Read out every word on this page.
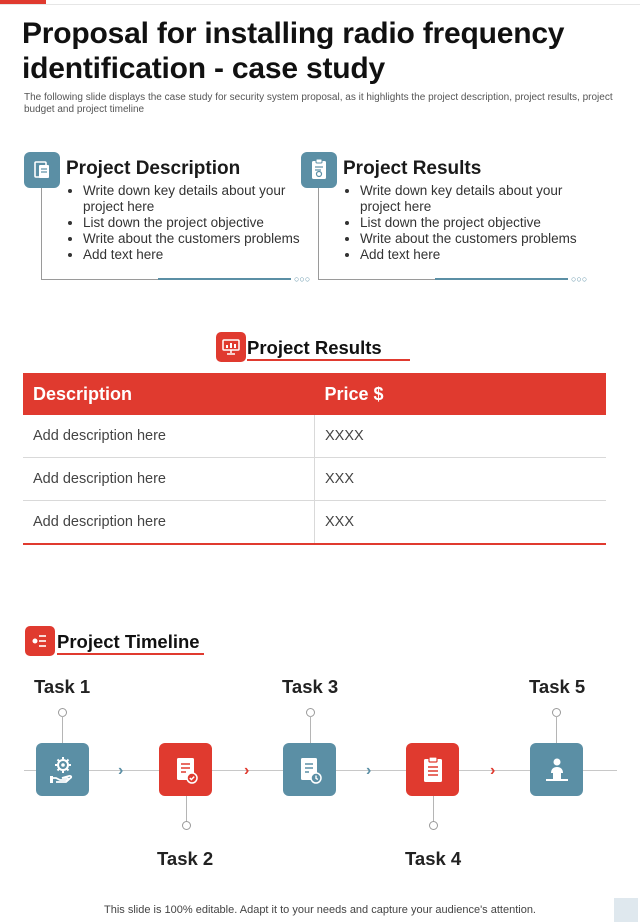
Proposal for installing radio frequency identification - case study
The following slide displays the case study for security system proposal, as it highlights the project description, project results, project budget and project timeline
Project Description
○○○
• Write down key details about your project here
• List down the project objective
• Write about the customers problems
• Add text here
Project Results
○○○
• Write down key details about your project here
• List down the project objective
• Write about the customers problems
• Add text here
Project Results
Description	Price $
Add description here	XXXX
Add description here	XXX
Add description here	XXX
Project Timeline
Task 1
Task 2
Task 3
Task 4
Task 5
›	›	›	›
This slide is 100% editable. Adapt it to your needs and capture your audience's attention.
